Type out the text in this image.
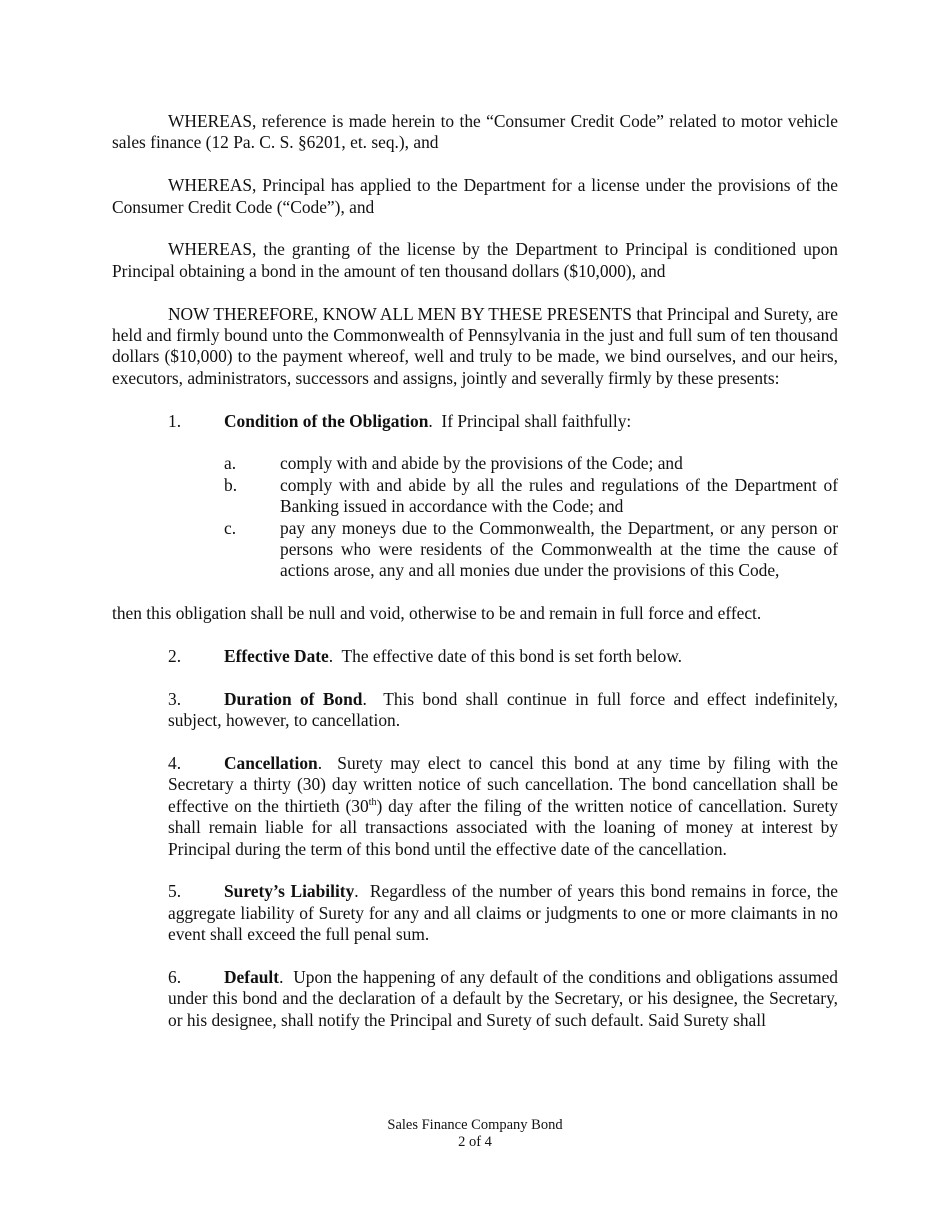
WHEREAS, reference is made herein to the “Consumer Credit Code” related to motor vehicle sales finance (12 Pa. C. S. §6201, et. seq.), and

WHEREAS, Principal has applied to the Department for a license under the provisions of the Consumer Credit Code (“Code”), and

WHEREAS, the granting of the license by the Department to Principal is conditioned upon Principal obtaining a bond in the amount of ten thousand dollars ($10,000), and

NOW THEREFORE, KNOW ALL MEN BY THESE PRESENTS that Principal and Surety, are held and firmly bound unto the Commonwealth of Pennsylvania in the just and full sum of ten thousand dollars ($10,000) to the payment whereof, well and truly to be made, we bind ourselves, and our heirs, executors, administrators, successors and assigns, jointly and severally firmly by these presents:

1. Condition of the Obligation.  If Principal shall faithfully:

a.	comply with and abide by the provisions of the Code; and
b.	comply with and abide by all the rules and regulations of the Department of Banking issued in accordance with the Code; and
c.	pay any moneys due to the Commonwealth, the Department, or any person or persons who were residents of the Commonwealth at the time the cause of actions arose, any and all monies due under the provisions of this Code,

then this obligation shall be null and void, otherwise to be and remain in full force and effect.

2. Effective Date.  The effective date of this bond is set forth below.

3. Duration of Bond.  This bond shall continue in full force and effect indefinitely, subject, however, to cancellation.

4. Cancellation.  Surety may elect to cancel this bond at any time by filing with the Secretary a thirty (30) day written notice of such cancellation. The bond cancellation shall be effective on the thirtieth (30th) day after the filing of the written notice of cancellation. Surety shall remain liable for all transactions associated with the loaning of money at interest by Principal during the term of this bond until the effective date of the cancellation.

5. Surety’s Liability.  Regardless of the number of years this bond remains in force, the aggregate liability of Surety for any and all claims or judgments to one or more claimants in no event shall exceed the full penal sum.

6. Default.  Upon the happening of any default of the conditions and obligations assumed under this bond and the declaration of a default by the Secretary, or his designee, the Secretary, or his designee, shall notify the Principal and Surety of such default. Said Surety shall

Sales Finance Company Bond
2 of 4
